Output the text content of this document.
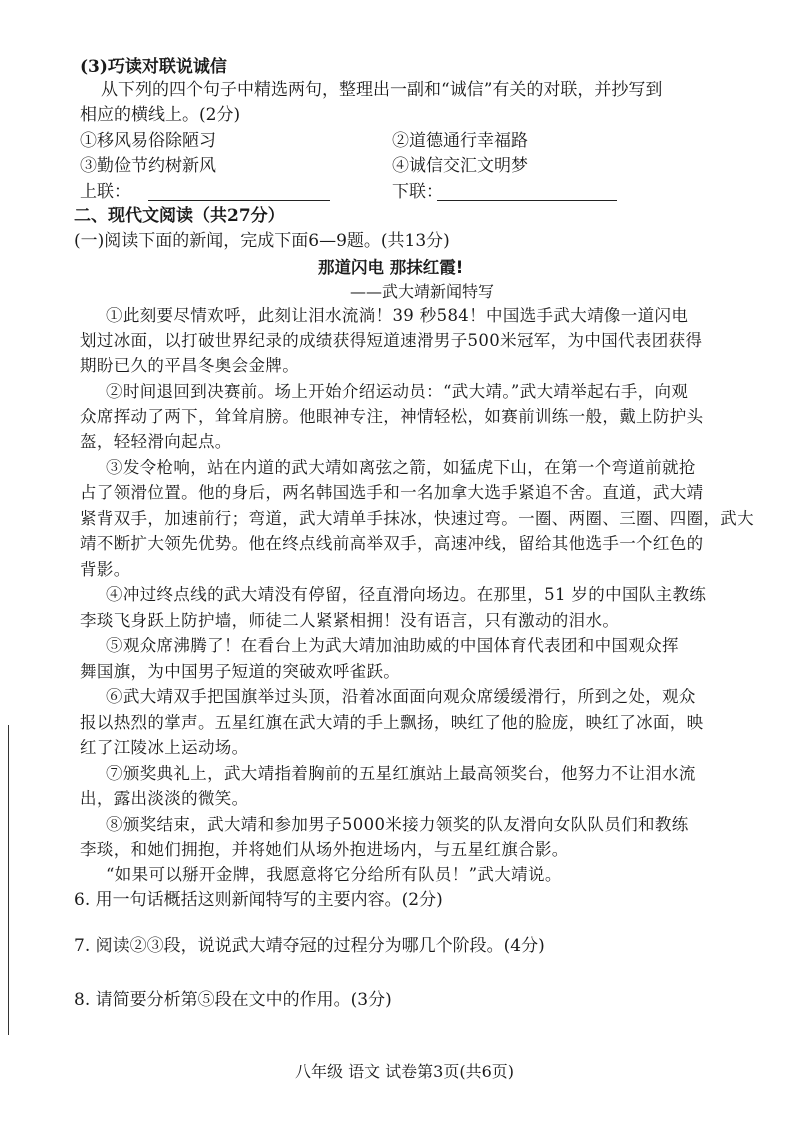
(3)巧读对联说诚信
从下列的四个句子中精选两句，整理出一副和“诚信”有关的对联，并抄写到
相应的横线上。(2分)
①移风易俗除陋习	②道德通行幸福路
③勤俭节约树新风	④诚信交汇文明梦
上联：	下联：
二、现代文阅读（共27分）
(一)阅读下面的新闻，完成下面6—9题。(共13分)
那道闪电 那抹红霞!
——武大靖新闻特写
①此刻要尽情欢呼，此刻让泪水流淌！39 秒584！中国选手武大靖像一道闪电
划过冰面，以打破世界纪录的成绩获得短道速滑男子500米冠军，为中国代表团获得
期盼已久的平昌冬奥会金牌。
②时间退回到决赛前。场上开始介绍运动员：“武大靖。”武大靖举起右手，向观
众席挥动了两下，耸耸肩膀。他眼神专注，神情轻松，如赛前训练一般，戴上防护头
盔，轻轻滑向起点。
③发令枪响，站在内道的武大靖如离弦之箭，如猛虎下山，在第一个弯道前就抢
占了领滑位置。他的身后，两名韩国选手和一名加拿大选手紧追不舍。直道，武大靖
紧背双手，加速前行；弯道，武大靖单手抹冰，快速过弯。一圈、两圈、三圈、四圈，武大
靖不断扩大领先优势。他在终点线前高举双手，高速冲线，留给其他选手一个红色的
背影。
④冲过终点线的武大靖没有停留，径直滑向场边。在那里，51 岁的中国队主教练
李琰飞身跃上防护墙，师徒二人紧紧相拥！没有语言，只有激动的泪水。
⑤观众席沸腾了！在看台上为武大靖加油助威的中国体育代表团和中国观众挥
舞国旗，为中国男子短道的突破欢呼雀跃。
⑥武大靖双手把国旗举过头顶，沿着冰面面向观众席缓缓滑行，所到之处，观众
报以热烈的掌声。五星红旗在武大靖的手上飘扬，映红了他的脸庞，映红了冰面，映
红了江陵冰上运动场。
⑦颁奖典礼上，武大靖指着胸前的五星红旗站上最高领奖台，他努力不让泪水流
出，露出淡淡的微笑。
⑧颁奖结束，武大靖和参加男子5000米接力领奖的队友滑向女队队员们和教练
李琰，和她们拥抱，并将她们从场外抱进场内，与五星红旗合影。
“如果可以掰开金牌，我愿意将它分给所有队员！”武大靖说。
6. 用一句话概括这则新闻特写的主要内容。(2分)
7. 阅读②③段，说说武大靖夺冠的过程分为哪几个阶段。(4分)
8. 请简要分析第⑤段在文中的作用。(3分)
八年级 语文 试卷第3页(共6页)
